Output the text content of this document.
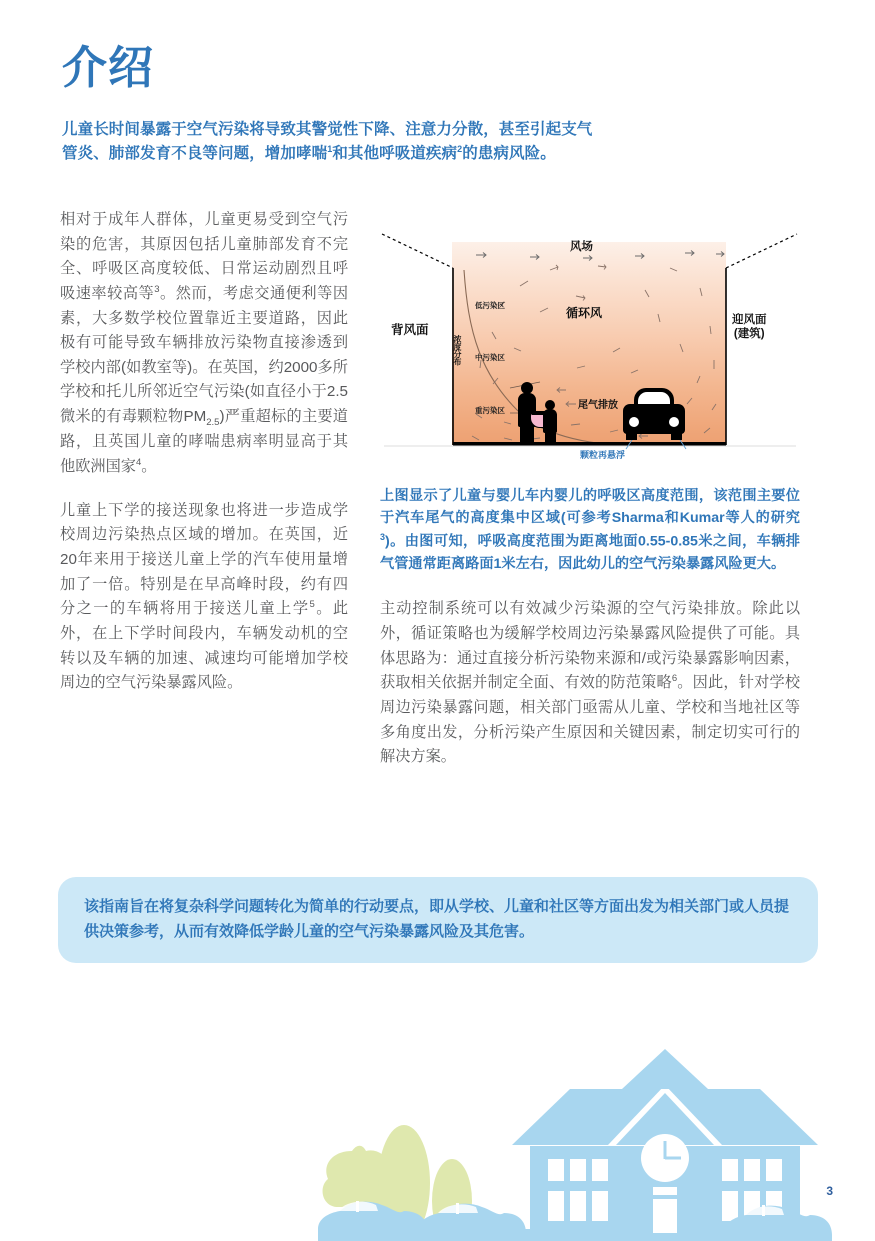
介绍
儿童长时间暴露于空气污染将导致其警觉性下降、注意力分散，甚至引起支气
管炎、肺部发育不良等问题，增加哮喘$^1$和其他呼吸道疾病$^2$的患病风险。

相对于成年人群体，儿童更易受到空气污染的危害，其原因包括儿童肺部发育不完全、呼吸区高度较低、日常运动剧烈且呼吸速率较高等$^3$。然而，考虑交通便利等因素，大多数学校位置靠近主要道路，因此极有可能导致车辆排放污染物直接渗透到学校内部(如教室等)。在英国，约2000多所学校和托儿所邻近空气污染(如直径小于2.5微米的有毒颗粒物$PM_{2.5}$)严重超标的主要道路，且英国儿童的哮喘患病率明显高于其他欧洲国家$^4$。

儿童上下学的接送现象也将进一步造成学校周边污染热点区域的增加。在英国，近20年来用于接送儿童上学的汽车使用量增加了一倍。特别是在早高峰时段，约有四分之一的车辆将用于接送儿童上学$^5$。此外，在上下学时间段内，车辆发动机的空转以及车辆的加速、减速均可能增加学校周边的空气污染暴露风险。

风场
循环风
背风面
迎风面
(建筑)
尾气排放
低污染区
中污染区
重污染区
浓度分布
颗粒再悬浮
上图显示了儿童与婴儿车内婴儿的呼吸区高度范围，该范围主要位于汽车尾气的高度集中区域(可参考Sharma和Kumar等人的研究$^3$)。由图可知，呼吸高度范围为距离地面0.55-0.85米之间，车辆排气管通常距离路面1米左右，因此幼儿的空气污染暴露风险更大。
主动控制系统可以有效减少污染源的空气污染排放。除此以外，循证策略也为缓解学校周边污染暴露风险提供了可能。具体思路为：通过直接分析污染物来源和/或污染暴露影响因素，获取相关依据并制定全面、有效的防范策略$^6$。因此，针对学校周边污染暴露问题，相关部门亟需从儿童、学校和当地社区等多角度出发，分析污染产生原因和关键因素，制定切实可行的解决方案。
该指南旨在将复杂科学问题转化为简单的行动要点，即从学校、儿童和社区等方面出发为相关部门或人员提供决策参考，从而有效降低学龄儿童的空气污染暴露风险及其危害。
3
